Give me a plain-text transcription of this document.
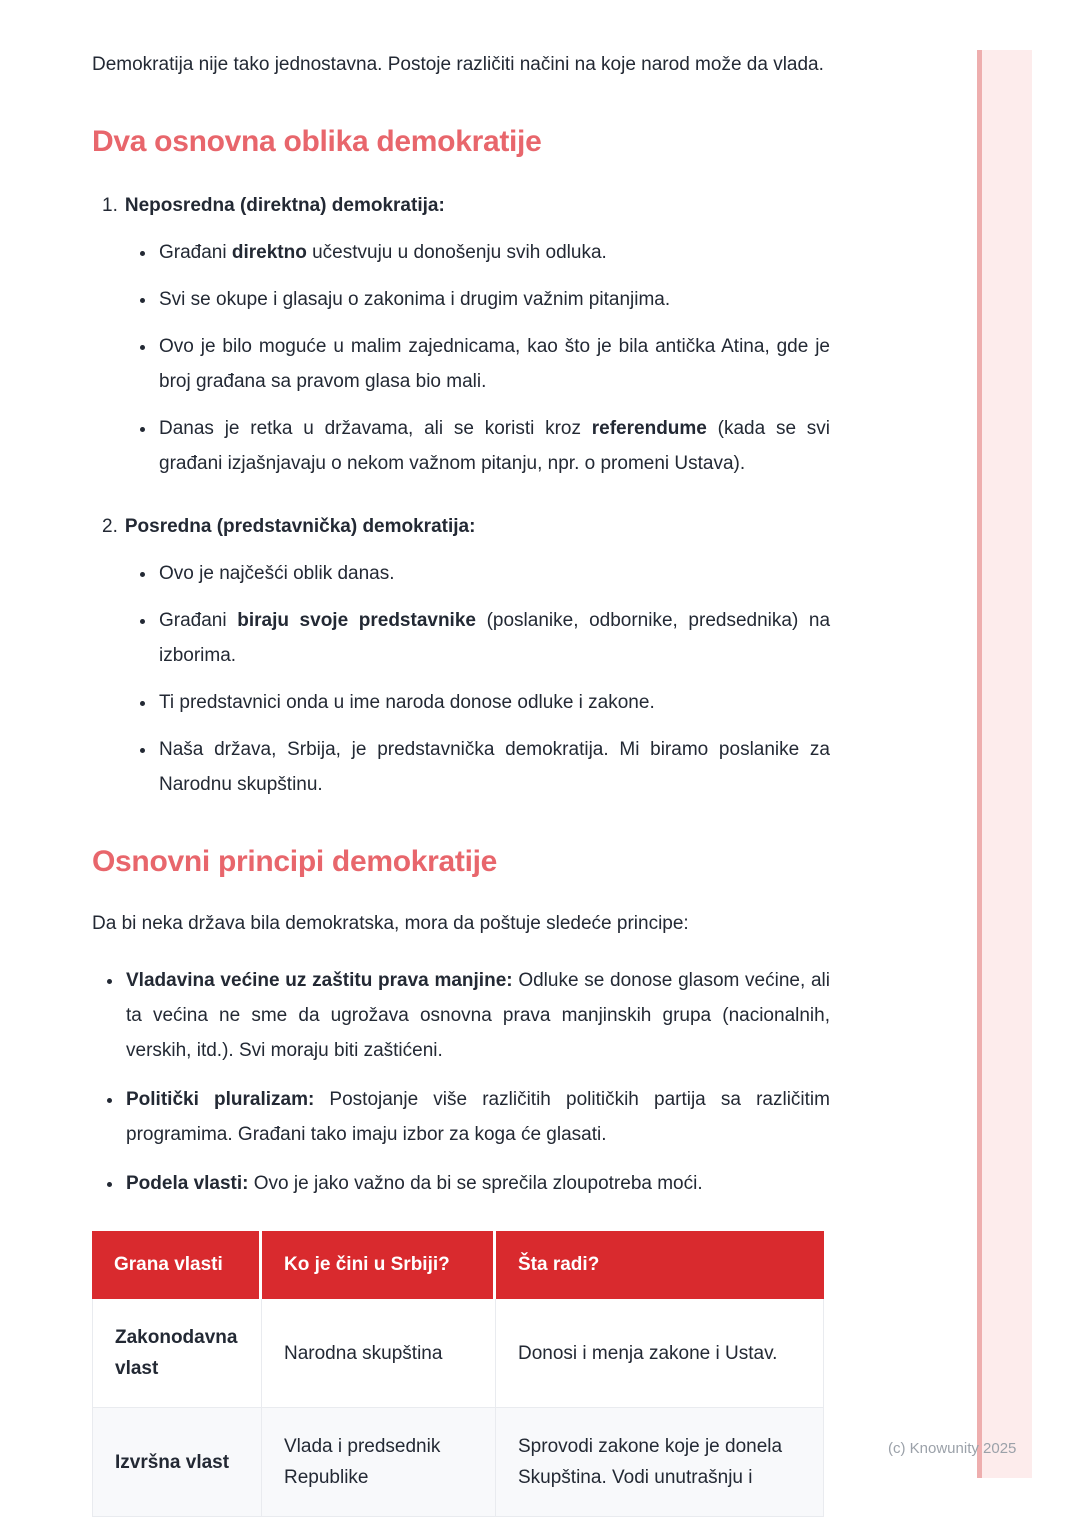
Demokratija nije tako jednostavna. Postoje različiti načini na koje narod može da vlada.

Dva osnovna oblika demokratije

1. Neposredna (direktna) demokratija:

• Građani direktno učestvuju u donošenju svih odluka.
• Svi se okupe i glasaju o zakonima i drugim važnim pitanjima.
• Ovo je bilo moguće u malim zajednicama, kao što je bila antička Atina, gde je broj građana sa pravom glasa bio mali.
• Danas je retka u državama, ali se koristi kroz referendume (kada se svi građani izjašnjavaju o nekom važnom pitanju, npr. o promeni Ustava).

2. Posredna (predstavnička) demokratija:

• Ovo je najčešći oblik danas.
• Građani biraju svoje predstavnike (poslanike, odbornike, predsednika) na izborima.
• Ti predstavnici onda u ime naroda donose odluke i zakone.
• Naša država, Srbija, je predstavnička demokratija. Mi biramo poslanike za Narodnu skupštinu.
Osnovni principi demokratije

Da bi neka država bila demokratska, mora da poštuje sledeće principe:

• Vladavina većine uz zaštitu prava manjine: Odluke se donose glasom većine, ali ta većina ne sme da ugrožava osnovna prava manjinskih grupa (nacionalnih, verskih, itd.). Svi moraju biti zaštićeni.
• Politički pluralizam: Postojanje više različitih političkih partija sa različitim programima. Građani tako imaju izbor za koga će glasati.
• Podela vlasti: Ovo je jako važno da bi se sprečila zloupotreba moći.
Grana vlasti	Ko je čini u Srbiji?	Šta radi?
Zakonodavna vlast	Narodna skupština	Donosi i menja zakone i Ustav.
Izvršna vlast	Vlada i predsednik Republike	Sprovodi zakone koje je donela Skupština. Vodi unutrašnju i
(c) Knowunity 2025
